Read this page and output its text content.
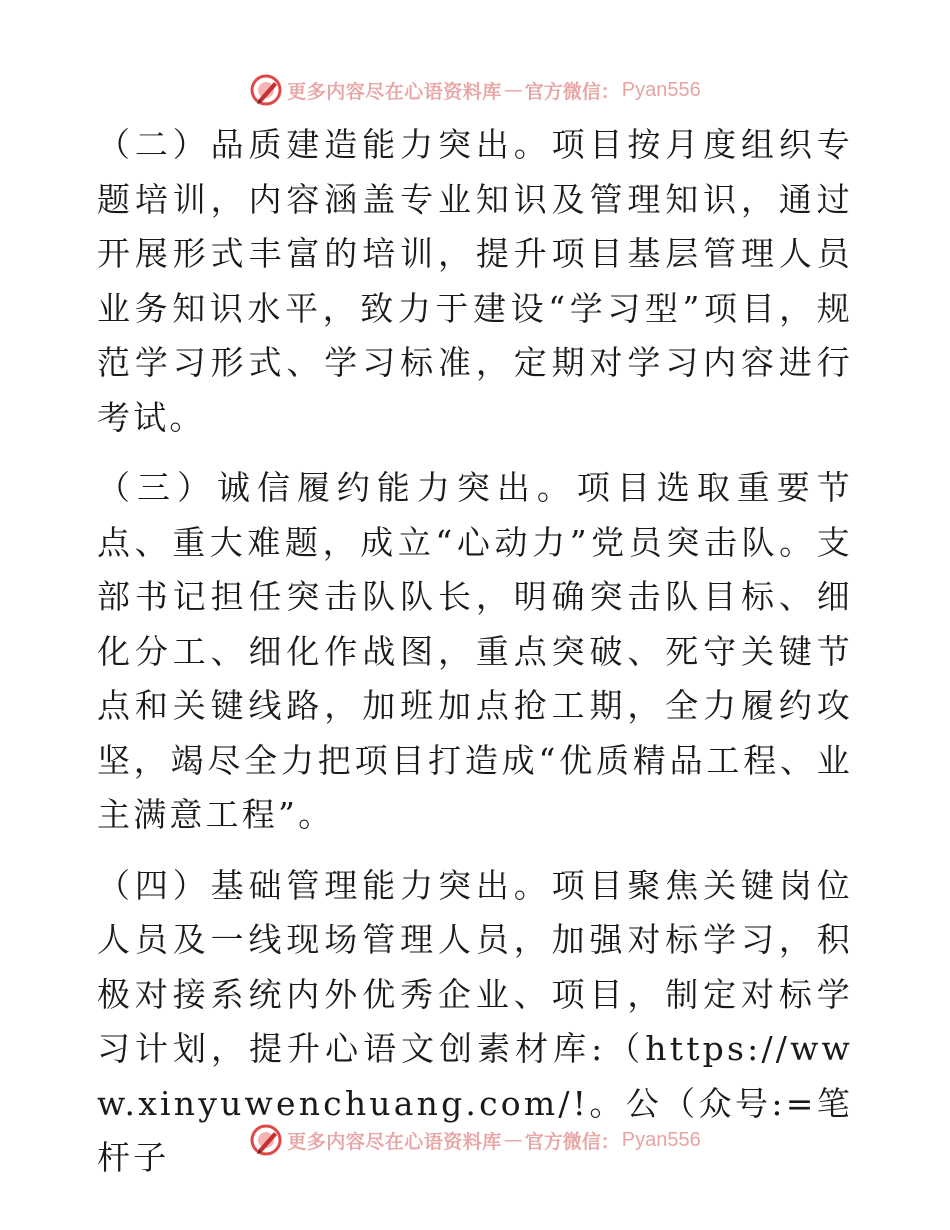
更多内容尽在心语资料库 — 官方微信： Pyan556

（二）品质建造能力突出。项目按月度组织专题培训，内容涵盖专业知识及管理知识，通过开展形式丰富的培训，提升项目基层管理人员业务知识水平，致力于建设“学习型”项目，规范学习形式、学习标准，定期对学习内容进行考试。

（三）诚信履约能力突出。项目选取重要节点、重大难题，成立“心动力”党员突击队。支部书记担任突击队队长，明确突击队目标、细化分工、细化作战图，重点突破、死守关键节点和关键线路，加班加点抢工期，全力履约攻坚，竭尽全力把项目打造成“优质精品工程、业主满意工程”。

（四）基础管理能力突出。项目聚焦关键岗位人员及一线现场管理人员，加强对标学习，积极对接系统内外优秀企业、项目，制定对标学习计划，提升心语文创素材库:（https://www.xinyuwenchuang.com/!。公（众号:=笔杆子	更多内容尽在心语资料库 — 官方微信： Pyan556
